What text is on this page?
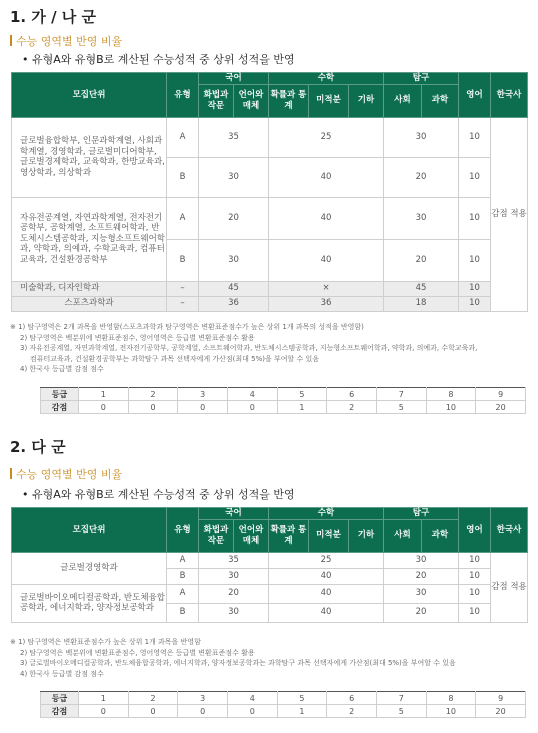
1. 가 / 나 군
수능 영역별 반영 비율
• 유형A와 유형B로 계산된 수능성적 중 상위 성적을 반영
모집단위	유형	국어		수학			탐구		영어	한국사
		화법과 작문	언어와 매체	확률과 통계	미적분	기하	사회	과학		
글로벌융합학부, 인문과학계열, 사회과학계열, 경영학과, 글로벌미디어학부, 글로벌경제학과, 교육학과, 한방교육과, 영상학과, 의상학과	A	35		25			30		10	감점 적용
	B	30		40			20		10	
자유전공계열, 자연과학계열, 전자전기공학부, 공학계열, 소프트웨어학과, 반도체시스템공학과, 지능형소프트웨어학과, 약학과, 의예과, 수학교육과, 컴퓨터교육과, 건설환경공학부	A	20		40			30		10	
	B	30		40			20		10	
미술학과, 디자인학과	–	45		×			45		10	
스포츠과학과	–	36		36			18		10	
※ 1) 탐구영역은 2개 과목을 반영함(스포츠과학과 탐구영역은 변환표준점수가 높은 상위 1개 과목의 성적을 반영함)
2) 탐구영역은 백분위에 변환표준점수, 영어영역은 등급별 변환표준점수 활용
3) 자유전공계열, 자연과학계열, 전자전기공학부, 공학계열, 소프트웨어학과, 반도체시스템공학과, 지능형소프트웨어학과, 약학과, 의예과, 수학교육과,
컴퓨터교육과, 건설환경공학부는 과학탐구 과목 선택자에게 가산점(최대 5%)을 부여할 수 있음
4) 한국사 등급별 감점 점수
등급	1	2	3	4	5	6	7	8	9
감점	0	0	0	0	1	2	5	10	20
2. 다 군
수능 영역별 반영 비율
• 유형A와 유형B로 계산된 수능성적 중 상위 성적을 반영
모집단위	유형	국어		수학			탐구		영어	한국사
		화법과 작문	언어와 매체	확률과 통계	미적분	기하	사회	과학		
글로벌경영학과	A	35		25			30		10	감점 적용
	B	30		40			20		10	
글로벌바이오메디컬공학과, 반도체융합공학과, 에너지학과, 양자정보공학과	A	20		40			30		10	
	B	30		40			20		10	
※ 1) 탐구영역은 변환표준점수가 높은 상위 1개 과목을 반영함
2) 탐구영역은 백분위에 변환표준점수, 영어영역은 등급별 변환표준점수 활용
3) 글로벌바이오메디컬공학과, 반도체융합공학과, 에너지학과, 양자정보공학과는 과학탐구 과목 선택자에게 가산점(최대 5%)을 부여할 수 있음
4) 한국사 등급별 감점 점수
등급	1	2	3	4	5	6	7	8	9
감점	0	0	0	0	1	2	5	10	20
